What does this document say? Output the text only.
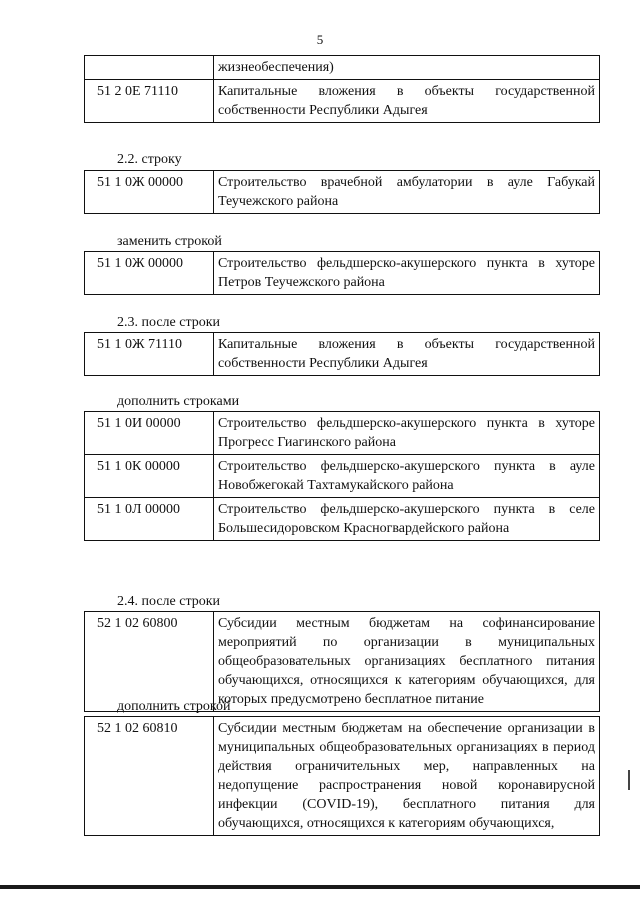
5
	жизнеобеспечения)
51 2 0Е 71110	Капитальные вложения в объекты государственной собственности Республики Адыгея
2.2. строку
51 1 0Ж 00000	Строительство врачебной амбулатории в ауле Габукай Теучежского района
заменить строкой
51 1 0Ж 00000	Строительство фельдшерско-акушерского пункта в хуторе Петров Теучежского района
2.3. после строки
51 1 0Ж 71110	Капитальные вложения в объекты государственной собственности Республики Адыгея
дополнить строками
51 1 0И 00000	Строительство фельдшерско-акушерского пункта в хуторе Прогресс Гиагинского района
51 1 0К 00000	Строительство фельдшерско-акушерского пункта в ауле Новобжегокай Тахтамукайского района
51 1 0Л 00000	Строительство фельдшерско-акушерского пункта в селе Большесидоровском Красногвардейского района
2.4. после строки
52 1 02 60800	Субсидии местным бюджетам на софинансирование мероприятий по организации в муниципальных общеобразовательных организациях бесплатного питания обучающихся, относящихся к категориям обучающихся, для которых предусмотрено бесплатное питание
дополнить строкой
52 1 02 60810	Субсидии местным бюджетам на обеспечение организации в муниципальных общеобразовательных организациях в период действия ограничительных мер, направленных на недопущение распространения новой коронавирусной инфекции (COVID-19), бесплатного питания для обучающихся, относящихся к категориям обучающихся,
